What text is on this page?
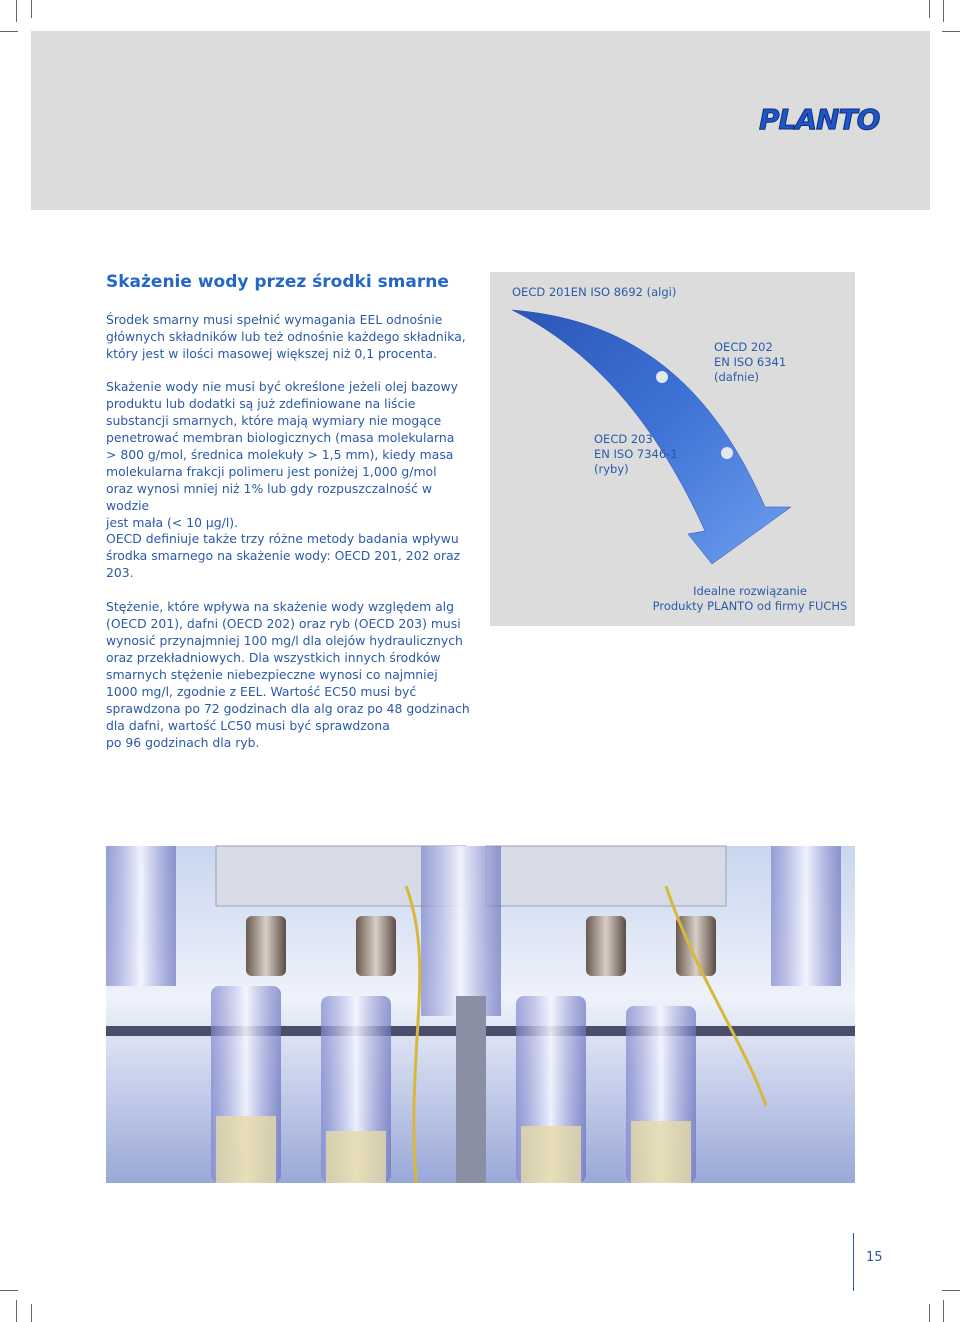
PLANTO
Skażenie wody przez środki smarne

Środek smarny musi spełnić wymagania EEL odnośnie
głównych składników lub też odnośnie każdego składnika,
który jest w ilości masowej większej niż 0,1 procenta.

Skażenie wody nie musi być określone jeżeli olej bazowy
produktu lub dodatki są już zdefiniowane na liście
substancji smarnych, które mają wymiary nie mogące
penetrować membran biologicznych (masa molekularna
> 800 g/mol, średnica molekuły > 1,5 mm), kiedy masa
molekularna frakcji polimeru jest poniżej 1,000 g/mol
oraz wynosi mniej niż 1% lub gdy rozpuszczalność w wodzie
jest mała (< 10 µg/l).

OECD definiuje także trzy różne metody badania wpływu
środka smarnego na skażenie wody: OECD 201, 202 oraz
203.

Stężenie, które wpływa na skażenie wody względem alg
(OECD 201), dafni (OECD 202) oraz ryb (OECD 203) musi
wynosić przynajmniej 100 mg/l dla olejów hydraulicznych
oraz przekładniowych. Dla wszystkich innych środków
smarnych stężenie niebezpieczne wynosi co najmniej
1000 mg/l, zgodnie z EEL. Wartość EC50 musi być
sprawdzona po 72 godzinach dla alg oraz po 48 godzinach
dla dafni, wartość LC50 musi być sprawdzona
po 96 godzinach dla ryb.

OECD 201EN ISO 8692 (algi)

OECD 202
EN ISO 6341
(dafnie)

OECD 203
EN ISO 7346-1
(ryby)

Idealne rozwiązanie
Produkty PLANTO od firmy FUCHS

15
